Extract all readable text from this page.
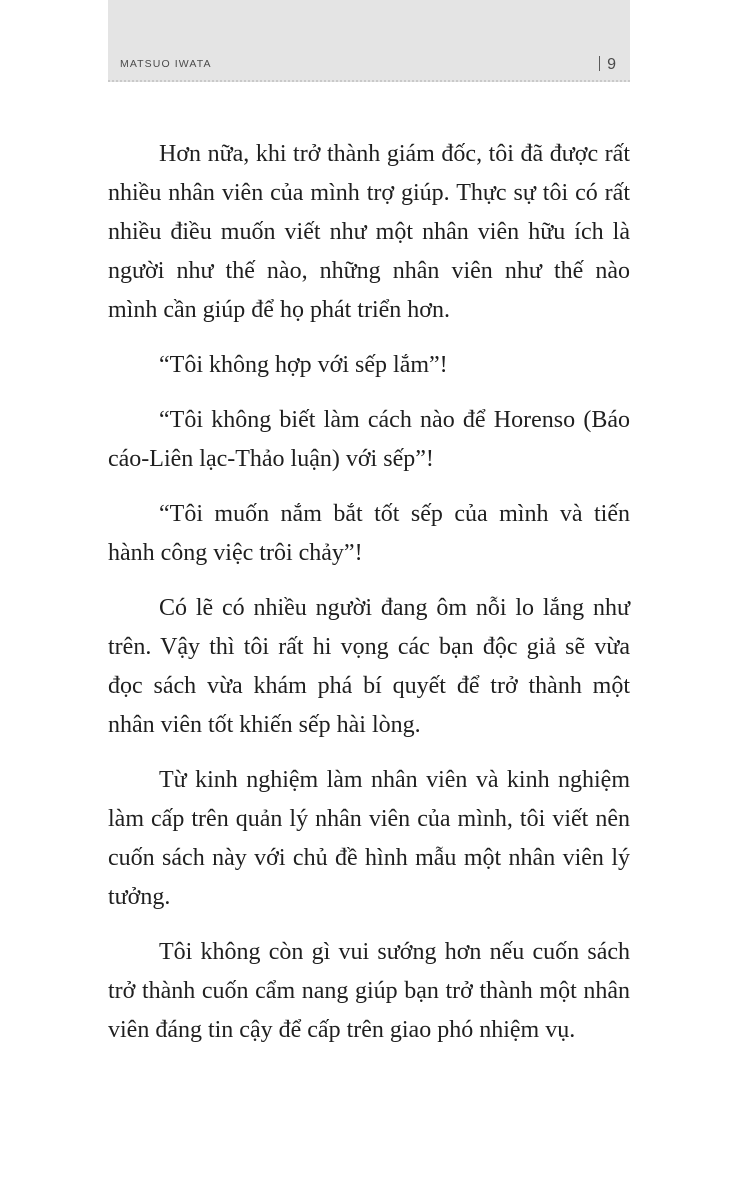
MATSUO IWATA	9

Hơn nữa, khi trở thành giám đốc, tôi đã được rất nhiều nhân viên của mình trợ giúp. Thực sự tôi có rất nhiều điều muốn viết như một nhân viên hữu ích là người như thế nào, những nhân viên như thế nào mình cần giúp để họ phát triển hơn.

“Tôi không hợp với sếp lắm”!

“Tôi không biết làm cách nào để Horenso (Báo cáo-Liên lạc-Thảo luận) với sếp”!

“Tôi muốn nắm bắt tốt sếp của mình và tiến hành công việc trôi chảy”!

Có lẽ có nhiều người đang ôm nỗi lo lắng như trên. Vậy thì tôi rất hi vọng các bạn độc giả sẽ vừa đọc sách vừa khám phá bí quyết để trở thành một nhân viên tốt khiến sếp hài lòng.

Từ kinh nghiệm làm nhân viên và kinh nghiệm làm cấp trên quản lý nhân viên của mình, tôi viết nên cuốn sách này với chủ đề hình mẫu một nhân viên lý tưởng.

Tôi không còn gì vui sướng hơn nếu cuốn sách trở thành cuốn cẩm nang giúp bạn trở thành một nhân viên đáng tin cậy để cấp trên giao phó nhiệm vụ.
